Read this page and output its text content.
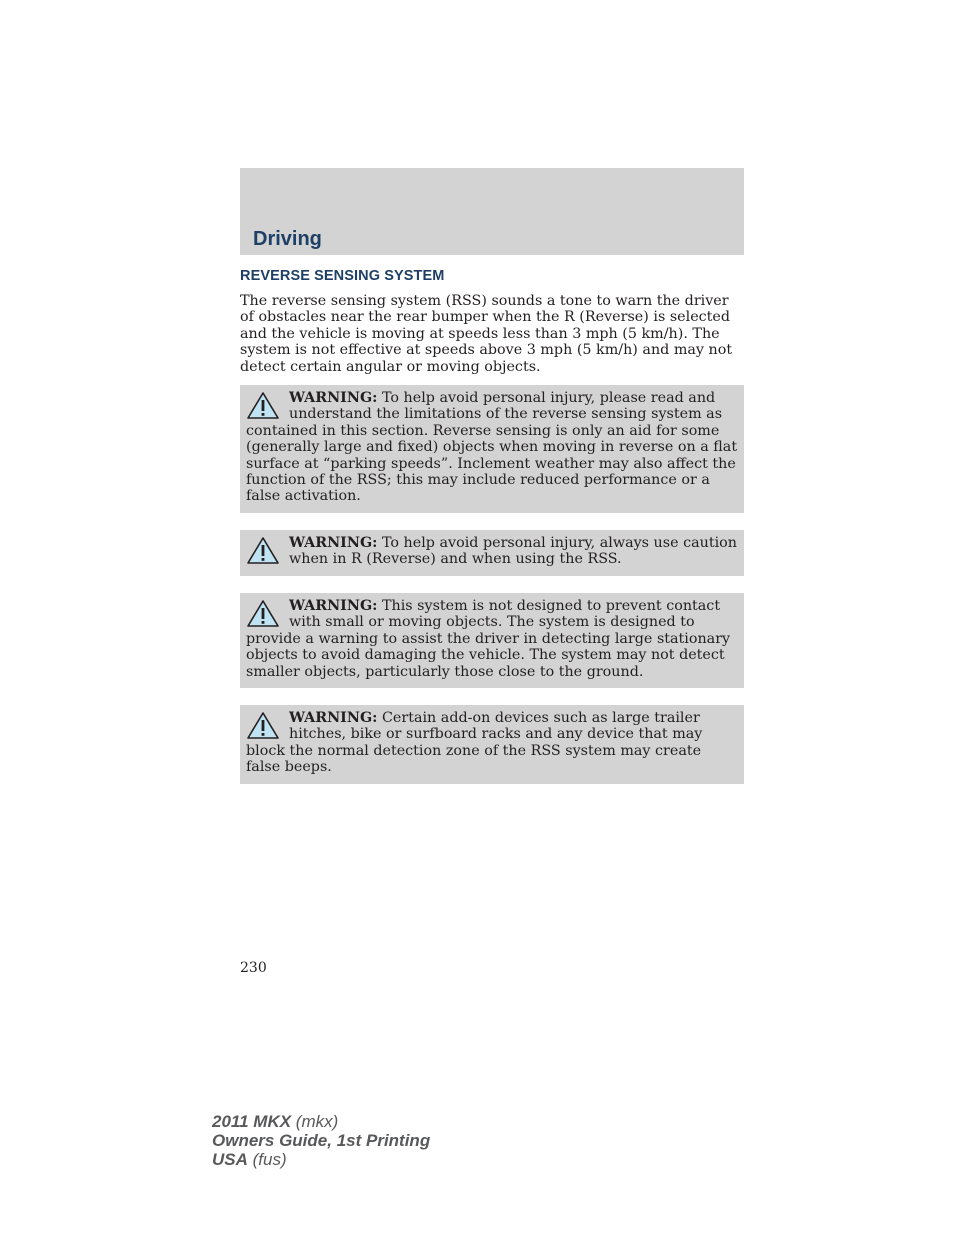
Driving
REVERSE SENSING SYSTEM

The reverse sensing system (RSS) sounds a tone to warn the driver of obstacles near the rear bumper when the R (Reverse) is selected and the vehicle is moving at speeds less than 3 mph (5 km/h). The system is not effective at speeds above 3 mph (5 km/h) and may not detect certain angular or moving objects.

WARNING: To help avoid personal injury, please read and understand the limitations of the reverse sensing system as contained in this section. Reverse sensing is only an aid for some (generally large and fixed) objects when moving in reverse on a flat surface at “parking speeds”. Inclement weather may also affect the function of the RSS; this may include reduced performance or a false activation.

WARNING: To help avoid personal injury, always use caution when in R (Reverse) and when using the RSS.

WARNING: This system is not designed to prevent contact with small or moving objects. The system is designed to provide a warning to assist the driver in detecting large stationary objects to avoid damaging the vehicle. The system may not detect smaller objects, particularly those close to the ground.

WARNING: Certain add-on devices such as large trailer hitches, bike or surfboard racks and any device that may block the normal detection zone of the RSS system may create false beeps.

230
2011 MKX (mkx)
Owners Guide, 1st Printing
USA (fus)
